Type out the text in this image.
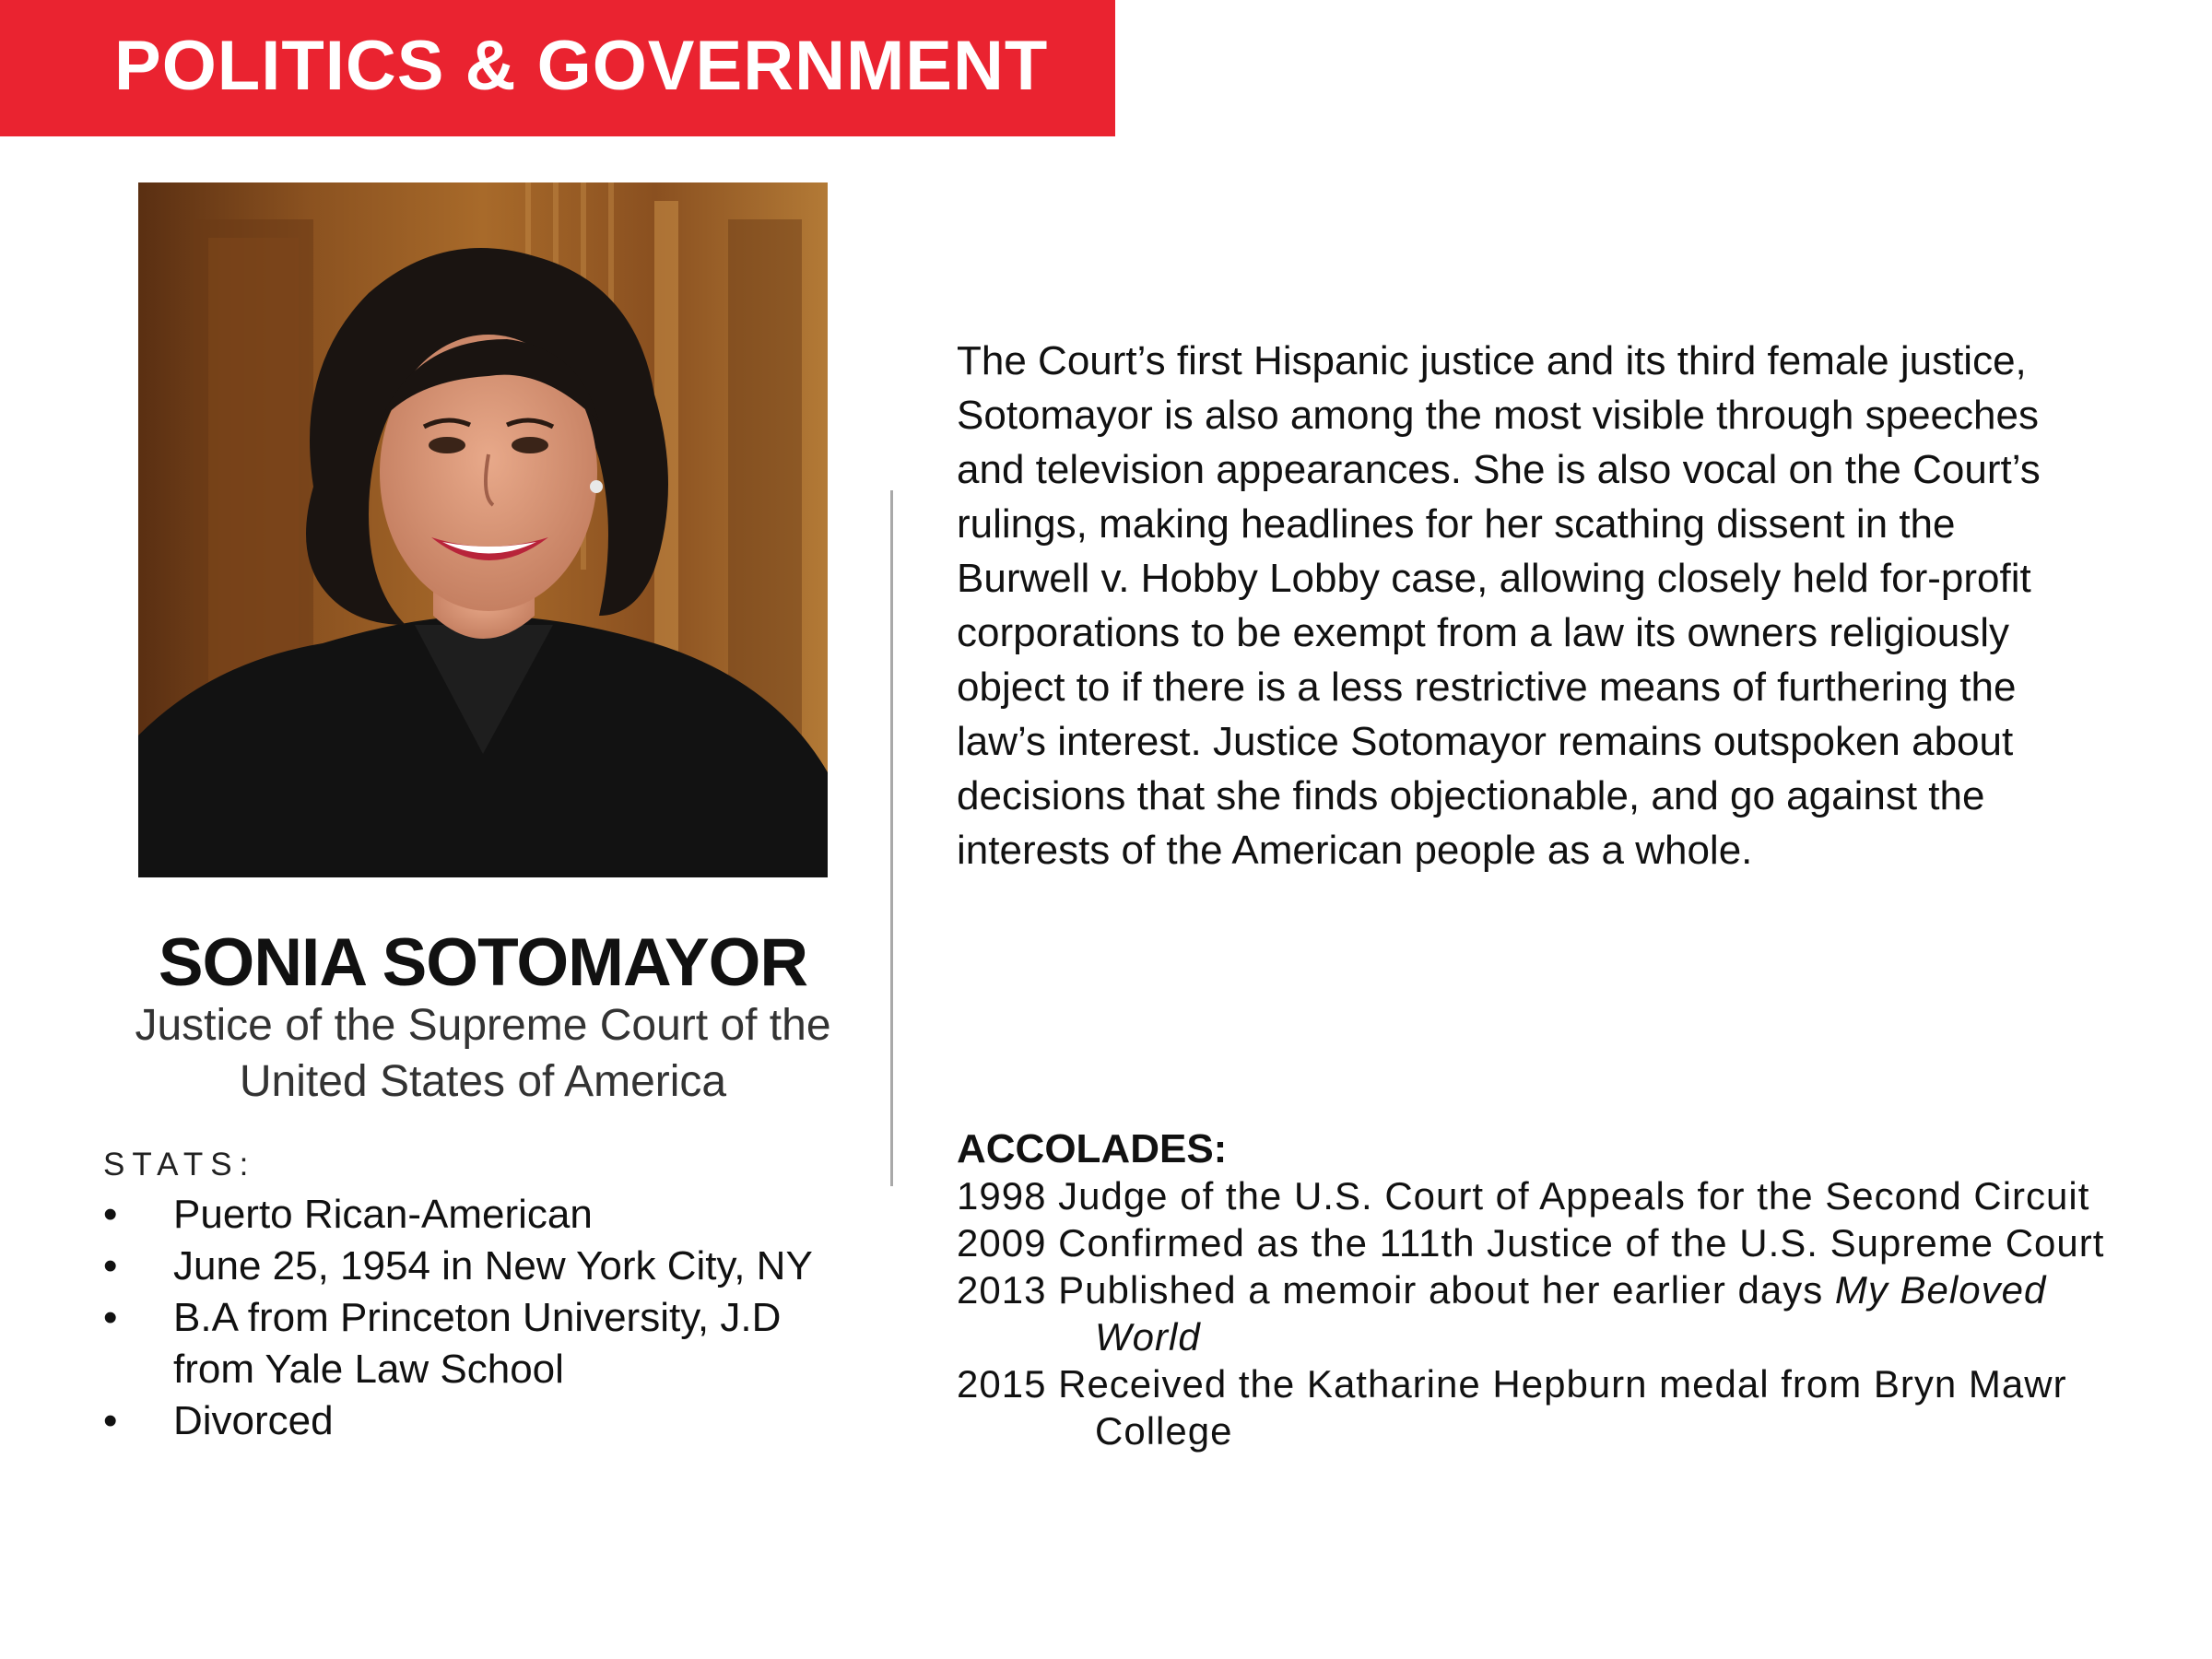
POLITICS & GOVERNMENT
SONIA SOTOMAYOR
Justice of the Supreme Court of the
United States of America
STATS:
•	Puerto Rican-American
•	June 25, 1954 in New York City, NY
•	B.A from Princeton University, J.D from Yale Law School
•	Divorced

The Court’s first Hispanic justice and its third female justice, Sotomayor is also among the most visible through speeches and television appearances. She is also vocal on the Court’s rulings, making headlines for her scathing dissent in the Burwell v. Hobby Lobby case, allowing closely held for-profit corporations to be exempt from a law its owners religiously object to if there is a less restrictive means of furthering the law’s interest. Justice Sotomayor remains outspoken about decisions that she finds objectionable, and go against the interests of the American people as a whole.

ACCOLADES:
1998 Judge of the U.S. Court of Appeals for the Second Circuit
2009 Confirmed as the 111th Justice of the U.S. Supreme Court
2013 Published a memoir about her earlier days My Beloved World
2015 Received the Katharine Hepburn medal from Bryn Mawr College
